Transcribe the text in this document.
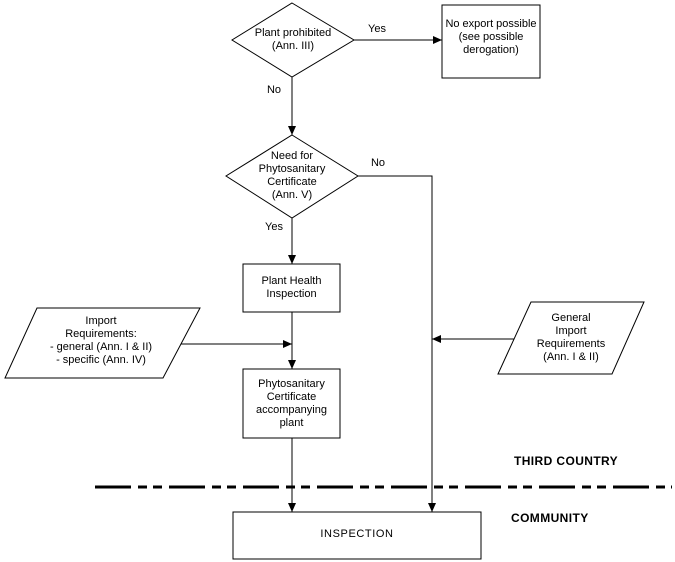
Plant prohibited
(Ann. III)
No export possible
(see possible
derogation)
Need for
Phytosanitary
Certificate
(Ann. V)
Plant Health
Inspection
Import
Requirements:
- general (Ann. I & II)
- specific (Ann. IV)
Phytosanitary
Certificate
accompanying
plant
General
Import
Requirements
(Ann. I & II)
INSPECTION
Yes
No
No
Yes
THIRD COUNTRY
COMMUNITY
